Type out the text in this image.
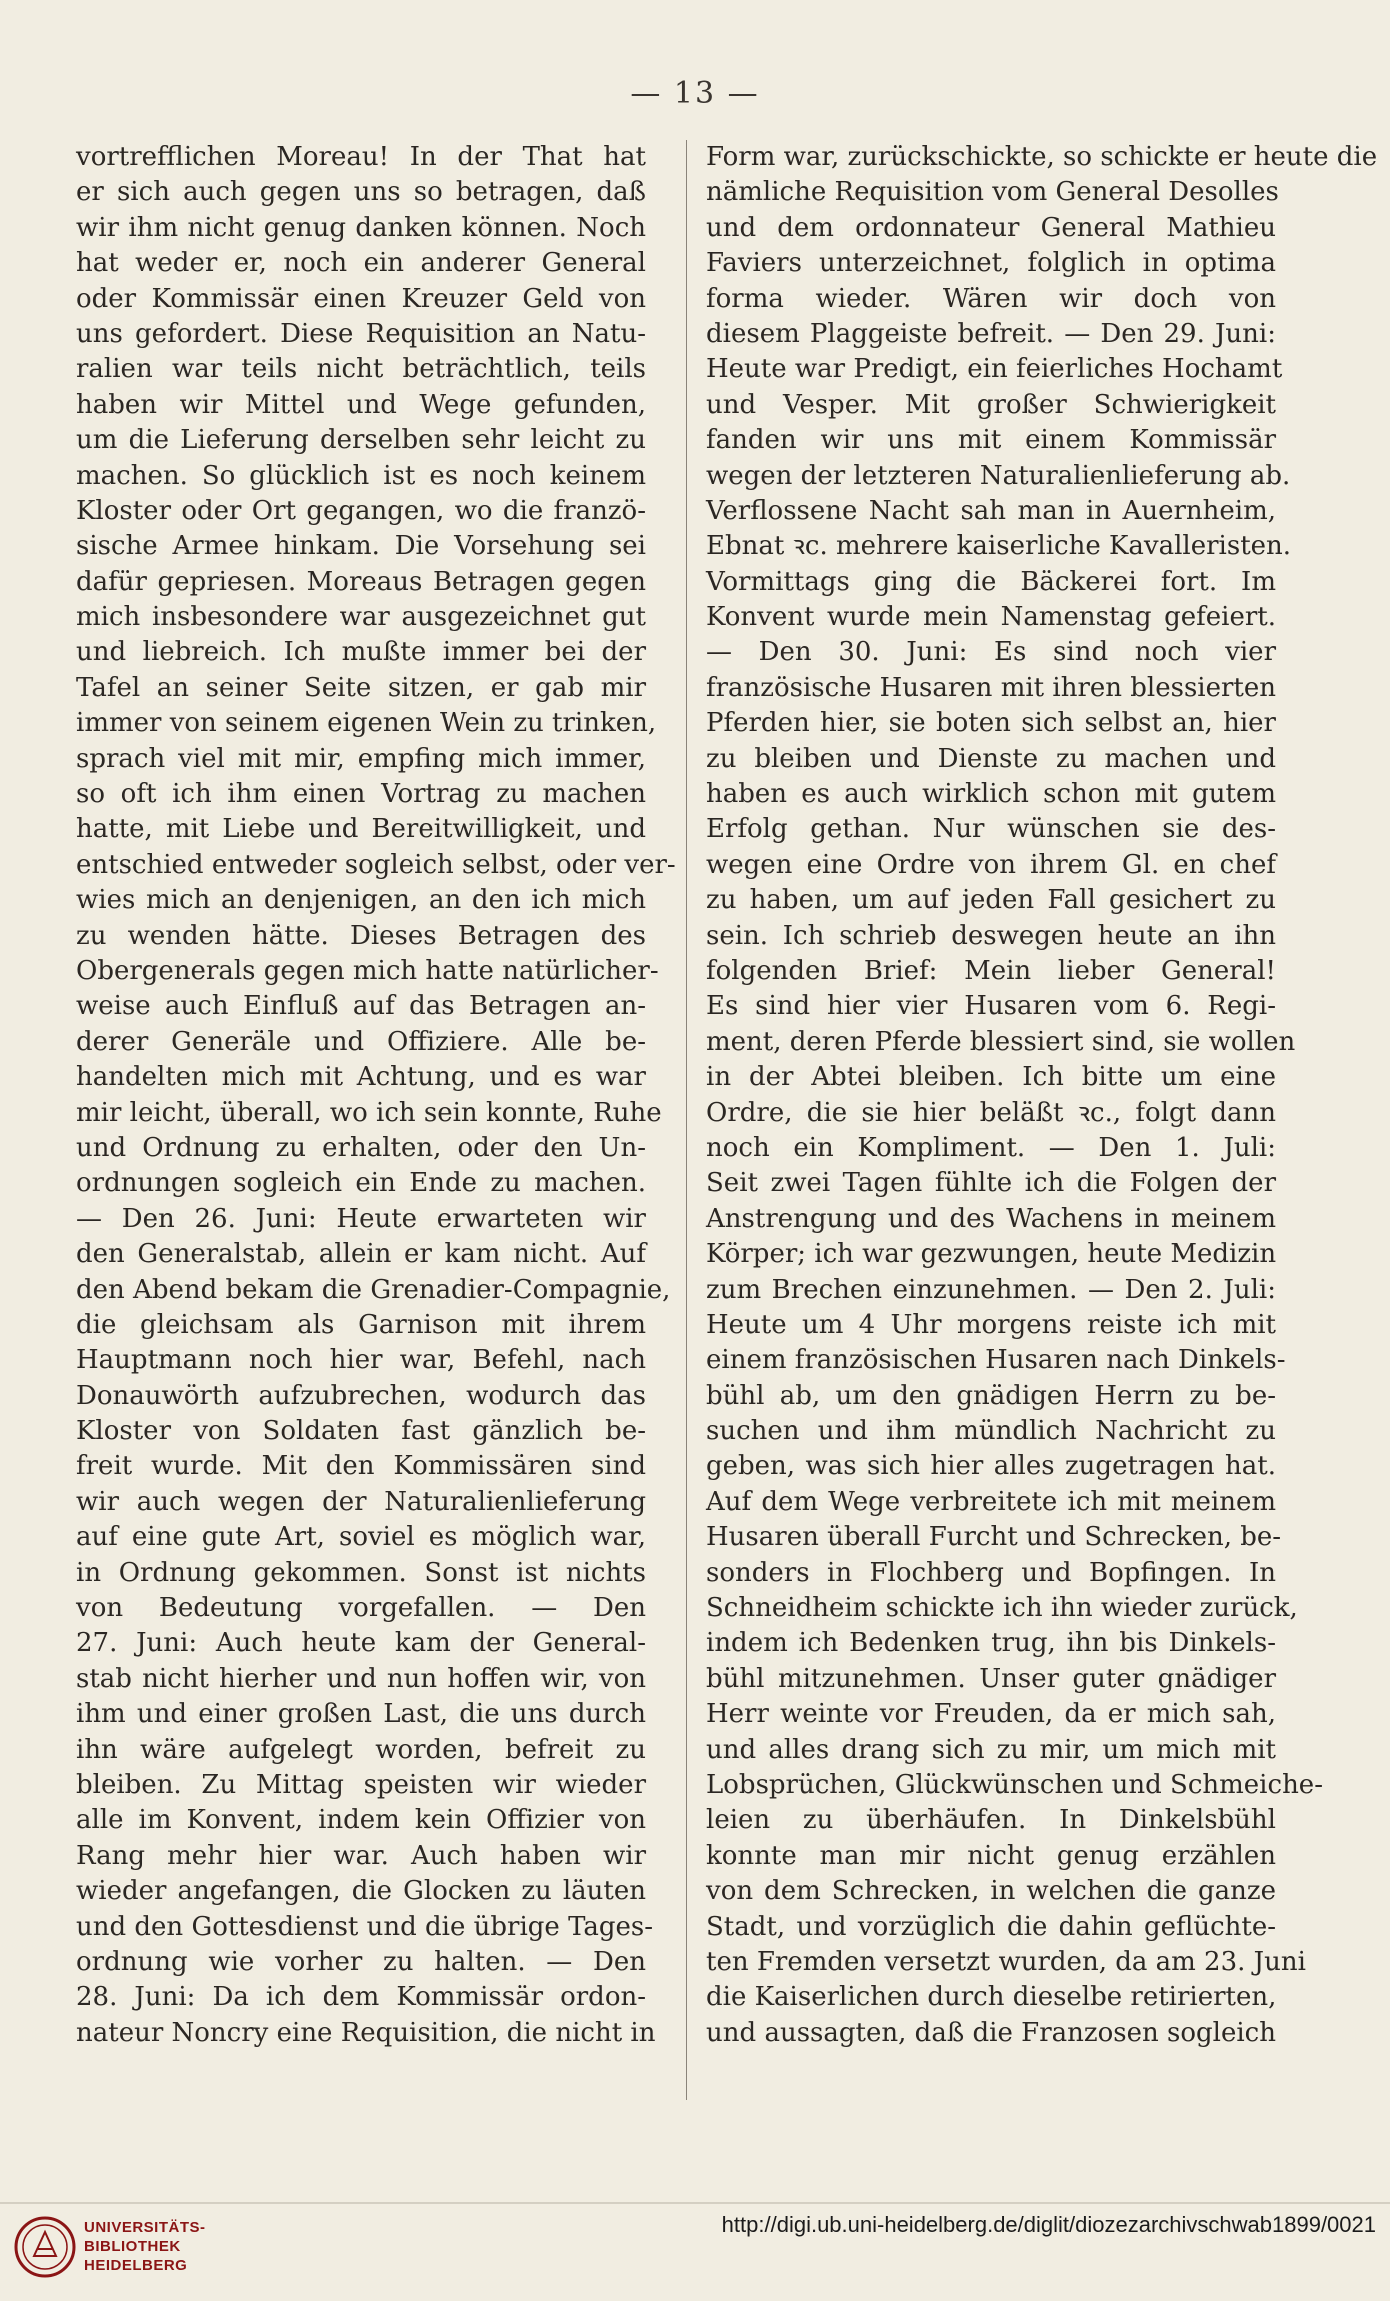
— 13 —
vortrefflichen Moreau! In der That hat
er sich auch gegen uns so betragen, daß
wir ihm nicht genug danken können. Noch
hat weder er, noch ein anderer General
oder Kommissär einen Kreuzer Geld von
uns gefordert. Diese Requisition an Natu-
ralien war teils nicht beträchtlich, teils
haben wir Mittel und Wege gefunden,
um die Lieferung derselben sehr leicht zu
machen. So glücklich ist es noch keinem
Kloster oder Ort gegangen, wo die franzö-
sische Armee hinkam. Die Vorsehung sei
dafür gepriesen. Moreaus Betragen gegen
mich insbesondere war ausgezeichnet gut
und liebreich. Ich mußte immer bei der
Tafel an seiner Seite sitzen, er gab mir
immer von seinem eigenen Wein zu trinken,
sprach viel mit mir, empfing mich immer,
so oft ich ihm einen Vortrag zu machen
hatte, mit Liebe und Bereitwilligkeit, und
entschied entweder sogleich selbst, oder ver-
wies mich an denjenigen, an den ich mich
zu wenden hätte. Dieses Betragen des
Obergenerals gegen mich hatte natürlicher-
weise auch Einfluß auf das Betragen an-
derer Generäle und Offiziere. Alle be-
handelten mich mit Achtung, und es war
mir leicht, überall, wo ich sein konnte, Ruhe
und Ordnung zu erhalten, oder den Un-
ordnungen sogleich ein Ende zu machen.
— Den 26. Juni: Heute erwarteten wir
den Generalstab, allein er kam nicht. Auf
den Abend bekam die Grenadier-Compagnie,
die gleichsam als Garnison mit ihrem
Hauptmann noch hier war, Befehl, nach
Donauwörth aufzubrechen, wodurch das
Kloster von Soldaten fast gänzlich be-
freit wurde. Mit den Kommissären sind
wir auch wegen der Naturalienlieferung
auf eine gute Art, soviel es möglich war,
in Ordnung gekommen. Sonst ist nichts
von Bedeutung vorgefallen. — Den
27. Juni: Auch heute kam der General-
stab nicht hierher und nun hoffen wir, von
ihm und einer großen Last, die uns durch
ihn wäre aufgelegt worden, befreit zu
bleiben. Zu Mittag speisten wir wieder
alle im Konvent, indem kein Offizier von
Rang mehr hier war. Auch haben wir
wieder angefangen, die Glocken zu läuten
und den Gottesdienst und die übrige Tages-
ordnung wie vorher zu halten. — Den
28. Juni: Da ich dem Kommissär ordon-
nateur Noncry eine Requisition, die nicht in
Form war, zurückschickte, so schickte er heute die
nämliche Requisition vom General Desolles
und dem ordonnateur General Mathieu
Faviers unterzeichnet, folglich in optima
forma wieder. Wären wir doch von
diesem Plaggeiste befreit. — Den 29. Juni:
Heute war Predigt, ein feierliches Hochamt
und Vesper. Mit großer Schwierigkeit
fanden wir uns mit einem Kommissär
wegen der letzteren Naturalienlieferung ab.
Verflossene Nacht sah man in Auernheim,
Ebnat ꝛc. mehrere kaiserliche Kavalleristen.
Vormittags ging die Bäckerei fort. Im
Konvent wurde mein Namenstag gefeiert.
— Den 30. Juni: Es sind noch vier
französische Husaren mit ihren blessierten
Pferden hier, sie boten sich selbst an, hier
zu bleiben und Dienste zu machen und
haben es auch wirklich schon mit gutem
Erfolg gethan. Nur wünschen sie des-
wegen eine Ordre von ihrem Gl. en chef
zu haben, um auf jeden Fall gesichert zu
sein. Ich schrieb deswegen heute an ihn
folgenden Brief: Mein lieber General!
Es sind hier vier Husaren vom 6. Regi-
ment, deren Pferde blessiert sind, sie wollen
in der Abtei bleiben. Ich bitte um eine
Ordre, die sie hier beläßt ꝛc., folgt dann
noch ein Kompliment. — Den 1. Juli:
Seit zwei Tagen fühlte ich die Folgen der
Anstrengung und des Wachens in meinem
Körper; ich war gezwungen, heute Medizin
zum Brechen einzunehmen. — Den 2. Juli:
Heute um 4 Uhr morgens reiste ich mit
einem französischen Husaren nach Dinkels-
bühl ab, um den gnädigen Herrn zu be-
suchen und ihm mündlich Nachricht zu
geben, was sich hier alles zugetragen hat.
Auf dem Wege verbreitete ich mit meinem
Husaren überall Furcht und Schrecken, be-
sonders in Flochberg und Bopfingen. In
Schneidheim schickte ich ihn wieder zurück,
indem ich Bedenken trug, ihn bis Dinkels-
bühl mitzunehmen. Unser guter gnädiger
Herr weinte vor Freuden, da er mich sah,
und alles drang sich zu mir, um mich mit
Lobsprüchen, Glückwünschen und Schmeiche-
leien zu überhäufen. In Dinkelsbühl
konnte man mir nicht genug erzählen
von dem Schrecken, in welchen die ganze
Stadt, und vorzüglich die dahin geflüchte-
ten Fremden versetzt wurden, da am 23. Juni
die Kaiserlichen durch dieselbe retirierten,
und aussagten, daß die Franzosen sogleich
UNIVERSITÄTS-
BIBLIOTHEK
HEIDELBERG
http://digi.ub.uni-heidelberg.de/diglit/diozezarchivschwab1899/0021
